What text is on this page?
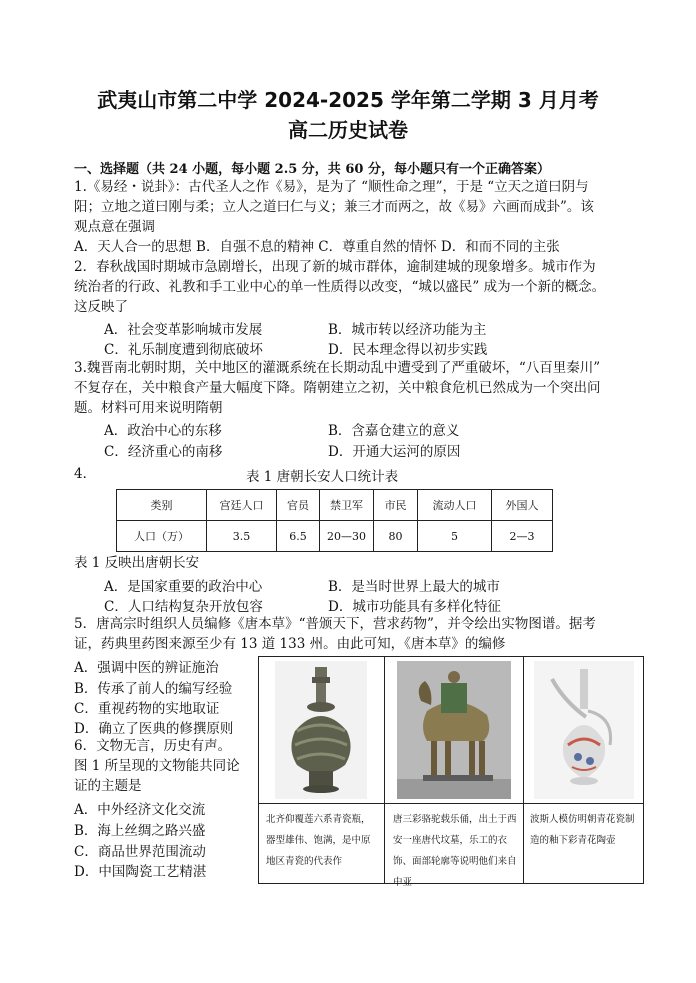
武夷山市第二中学 2024-2025 学年第二学期 3 月月考
高二历史试卷
一、选择题（共 24 小题，每小题 2.5 分，共 60 分，每小题只有一个正确答案）
1.《易经・说卦》：古代圣人之作《易》，是为了 “顺性命之理”，于是 “立天之道曰阴与
阳；立地之道曰刚与柔；立人之道曰仁与义；兼三才而两之，故《易》六画而成卦”。该
观点意在强调
A．天人合一的思想 B．自强不息的精神 C．尊重自然的情怀 D．和而不同的主张
2．春秋战国时期城市急剧增长，出现了新的城市群体，逾制建城的现象增多。城市作为
统治者的行政、礼教和手工业中心的单一性质得以改变，“城以盛民” 成为一个新的概念。
这反映了
A．社会变革影响城市发展	B．城市转以经济功能为主
C．礼乐制度遭到彻底破坏	D．民本理念得以初步实践
3.魏晋南北朝时期，关中地区的灌溉系统在长期动乱中遭受到了严重破坏，“八百里秦川”
不复存在，关中粮食产量大幅度下降。隋朝建立之初，关中粮食危机已然成为一个突出问
题。材料可用来说明隋朝
A．政治中心的东移	B．含嘉仓建立的意义
C．经济重心的南移	D．开通大运河的原因
4．	表 1 唐朝长安人口统计表
类别	宫廷人口	官员	禁卫军	市民	流动人口	外国人
人口（万）	3.5	6.5	20—30	80	5	2—3
表 1 反映出唐朝长安
A．是国家重要的政治中心	B．是当时世界上最大的城市
C．人口结构复杂开放包容	D．城市功能具有多样化特征
5．唐高宗时组织人员编修《唐本草》“普颁天下，营求药物”，并令绘出实物图谱。据考
证，药典里药图来源至少有 13 道 133 州。由此可知，《唐本草》的编修
A．强调中医的辨证施治
B．传承了前人的编写经验
C．重视药物的实地取证
D．确立了医典的修撰原则
6．文物无言，历史有声。
图 1 所呈现的文物能共同论
证的主题是
A．中外经济文化交流
B．海上丝绸之路兴盛
C．商品世界范围流动
D．中国陶瓷工艺精湛
北齐仰覆莲六系青瓷瓶，器型雄伟、饱满，是中原地区青瓷的代表作
唐三彩骆驼载乐俑，出土于西安一座唐代坟墓，乐工的衣饰、面部轮廓等说明他们来自中亚
波斯人模仿明朝青花瓷制造的釉下彩青花陶壶
